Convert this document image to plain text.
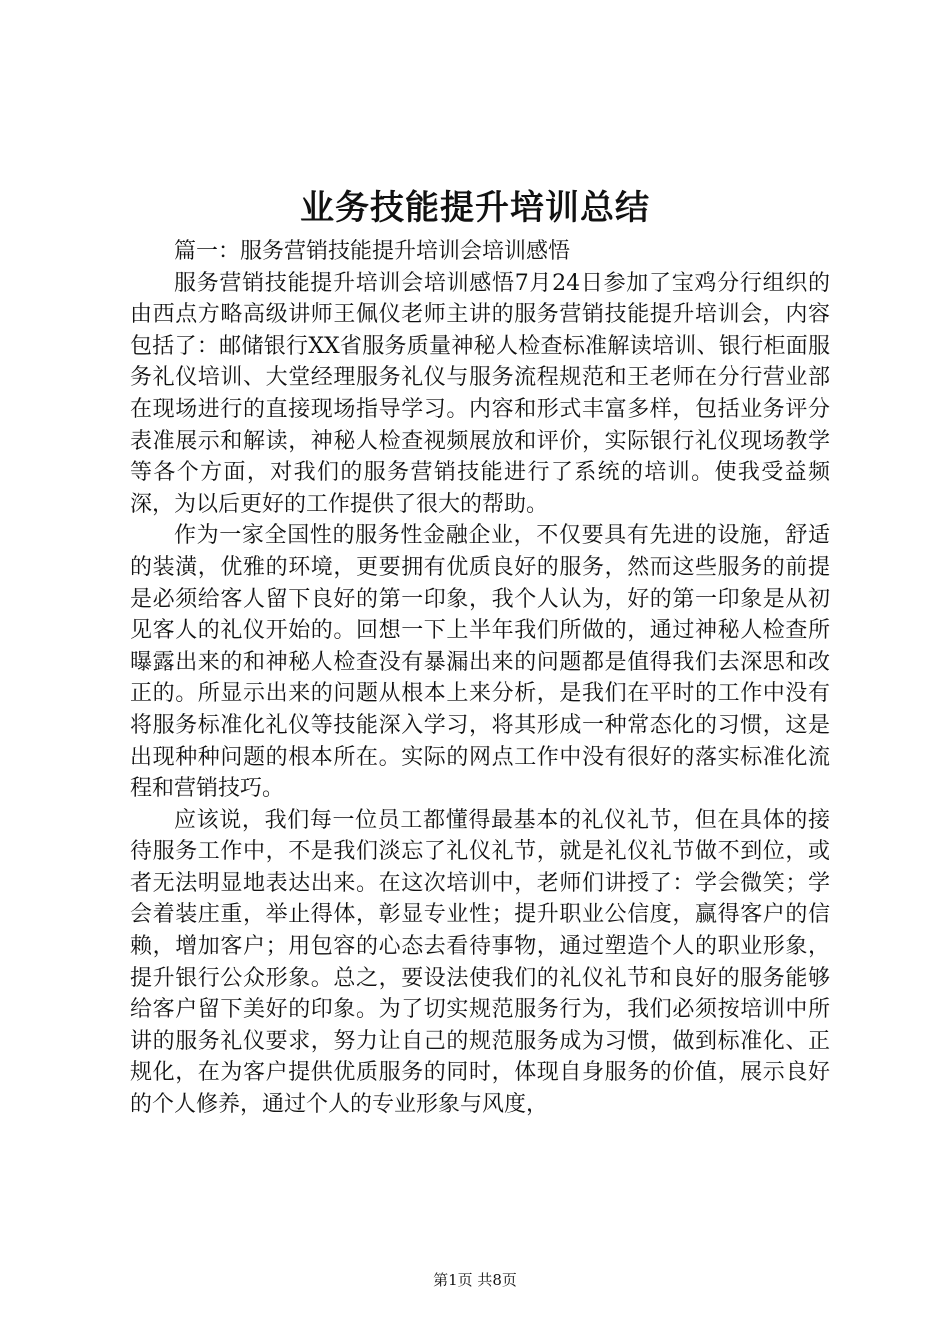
业务技能提升培训总结

篇一：服务营销技能提升培训会培训感悟

服务营销技能提升培训会培训感悟7月24日参加了宝鸡分行组织的由西点方略高级讲师王佩仪老师主讲的服务营销技能提升培训会，内容包括了：邮储银行XX省服务质量神秘人检查标准解读培训、银行柜面服务礼仪培训、大堂经理服务礼仪与服务流程规范和王老师在分行营业部在现场进行的直接现场指导学习。内容和形式丰富多样，包括业务评分表准展示和解读，神秘人检查视频展放和评价，实际银行礼仪现场教学等各个方面，对我们的服务营销技能进行了系统的培训。使我受益频深，为以后更好的工作提供了很大的帮助。

作为一家全国性的服务性金融企业，不仅要具有先进的设施，舒适的装潢，优雅的环境，更要拥有优质良好的服务，然而这些服务的前提是必须给客人留下良好的第一印象，我个人认为，好的第一印象是从初见客人的礼仪开始的。回想一下上半年我们所做的，通过神秘人检查所曝露出来的和神秘人检查没有暴漏出来的问题都是值得我们去深思和改正的。所显示出来的问题从根本上来分析，是我们在平时的工作中没有将服务标准化礼仪等技能深入学习，将其形成一种常态化的习惯，这是出现种种问题的根本所在。实际的网点工作中没有很好的落实标准化流程和营销技巧。

应该说，我们每一位员工都懂得最基本的礼仪礼节，但在具体的接待服务工作中，不是我们淡忘了礼仪礼节，就是礼仪礼节做不到位，或者无法明显地表达出来。在这次培训中，老师们讲授了：学会微笑；学会着装庄重，举止得体，彰显专业性；提升职业公信度，赢得客户的信赖，增加客户；用包容的心态去看待事物，通过塑造个人的职业形象，提升银行公众形象。总之，要设法使我们的礼仪礼节和良好的服务能够给客户留下美好的印象。为了切实规范服务行为，我们必须按培训中所讲的服务礼仪要求，努力让自己的规范服务成为习惯，做到标准化、正规化，在为客户提供优质服务的同时，体现自身服务的价值，展示良好的个人修养，通过个人的专业形象与风度，

第1页 共8页
